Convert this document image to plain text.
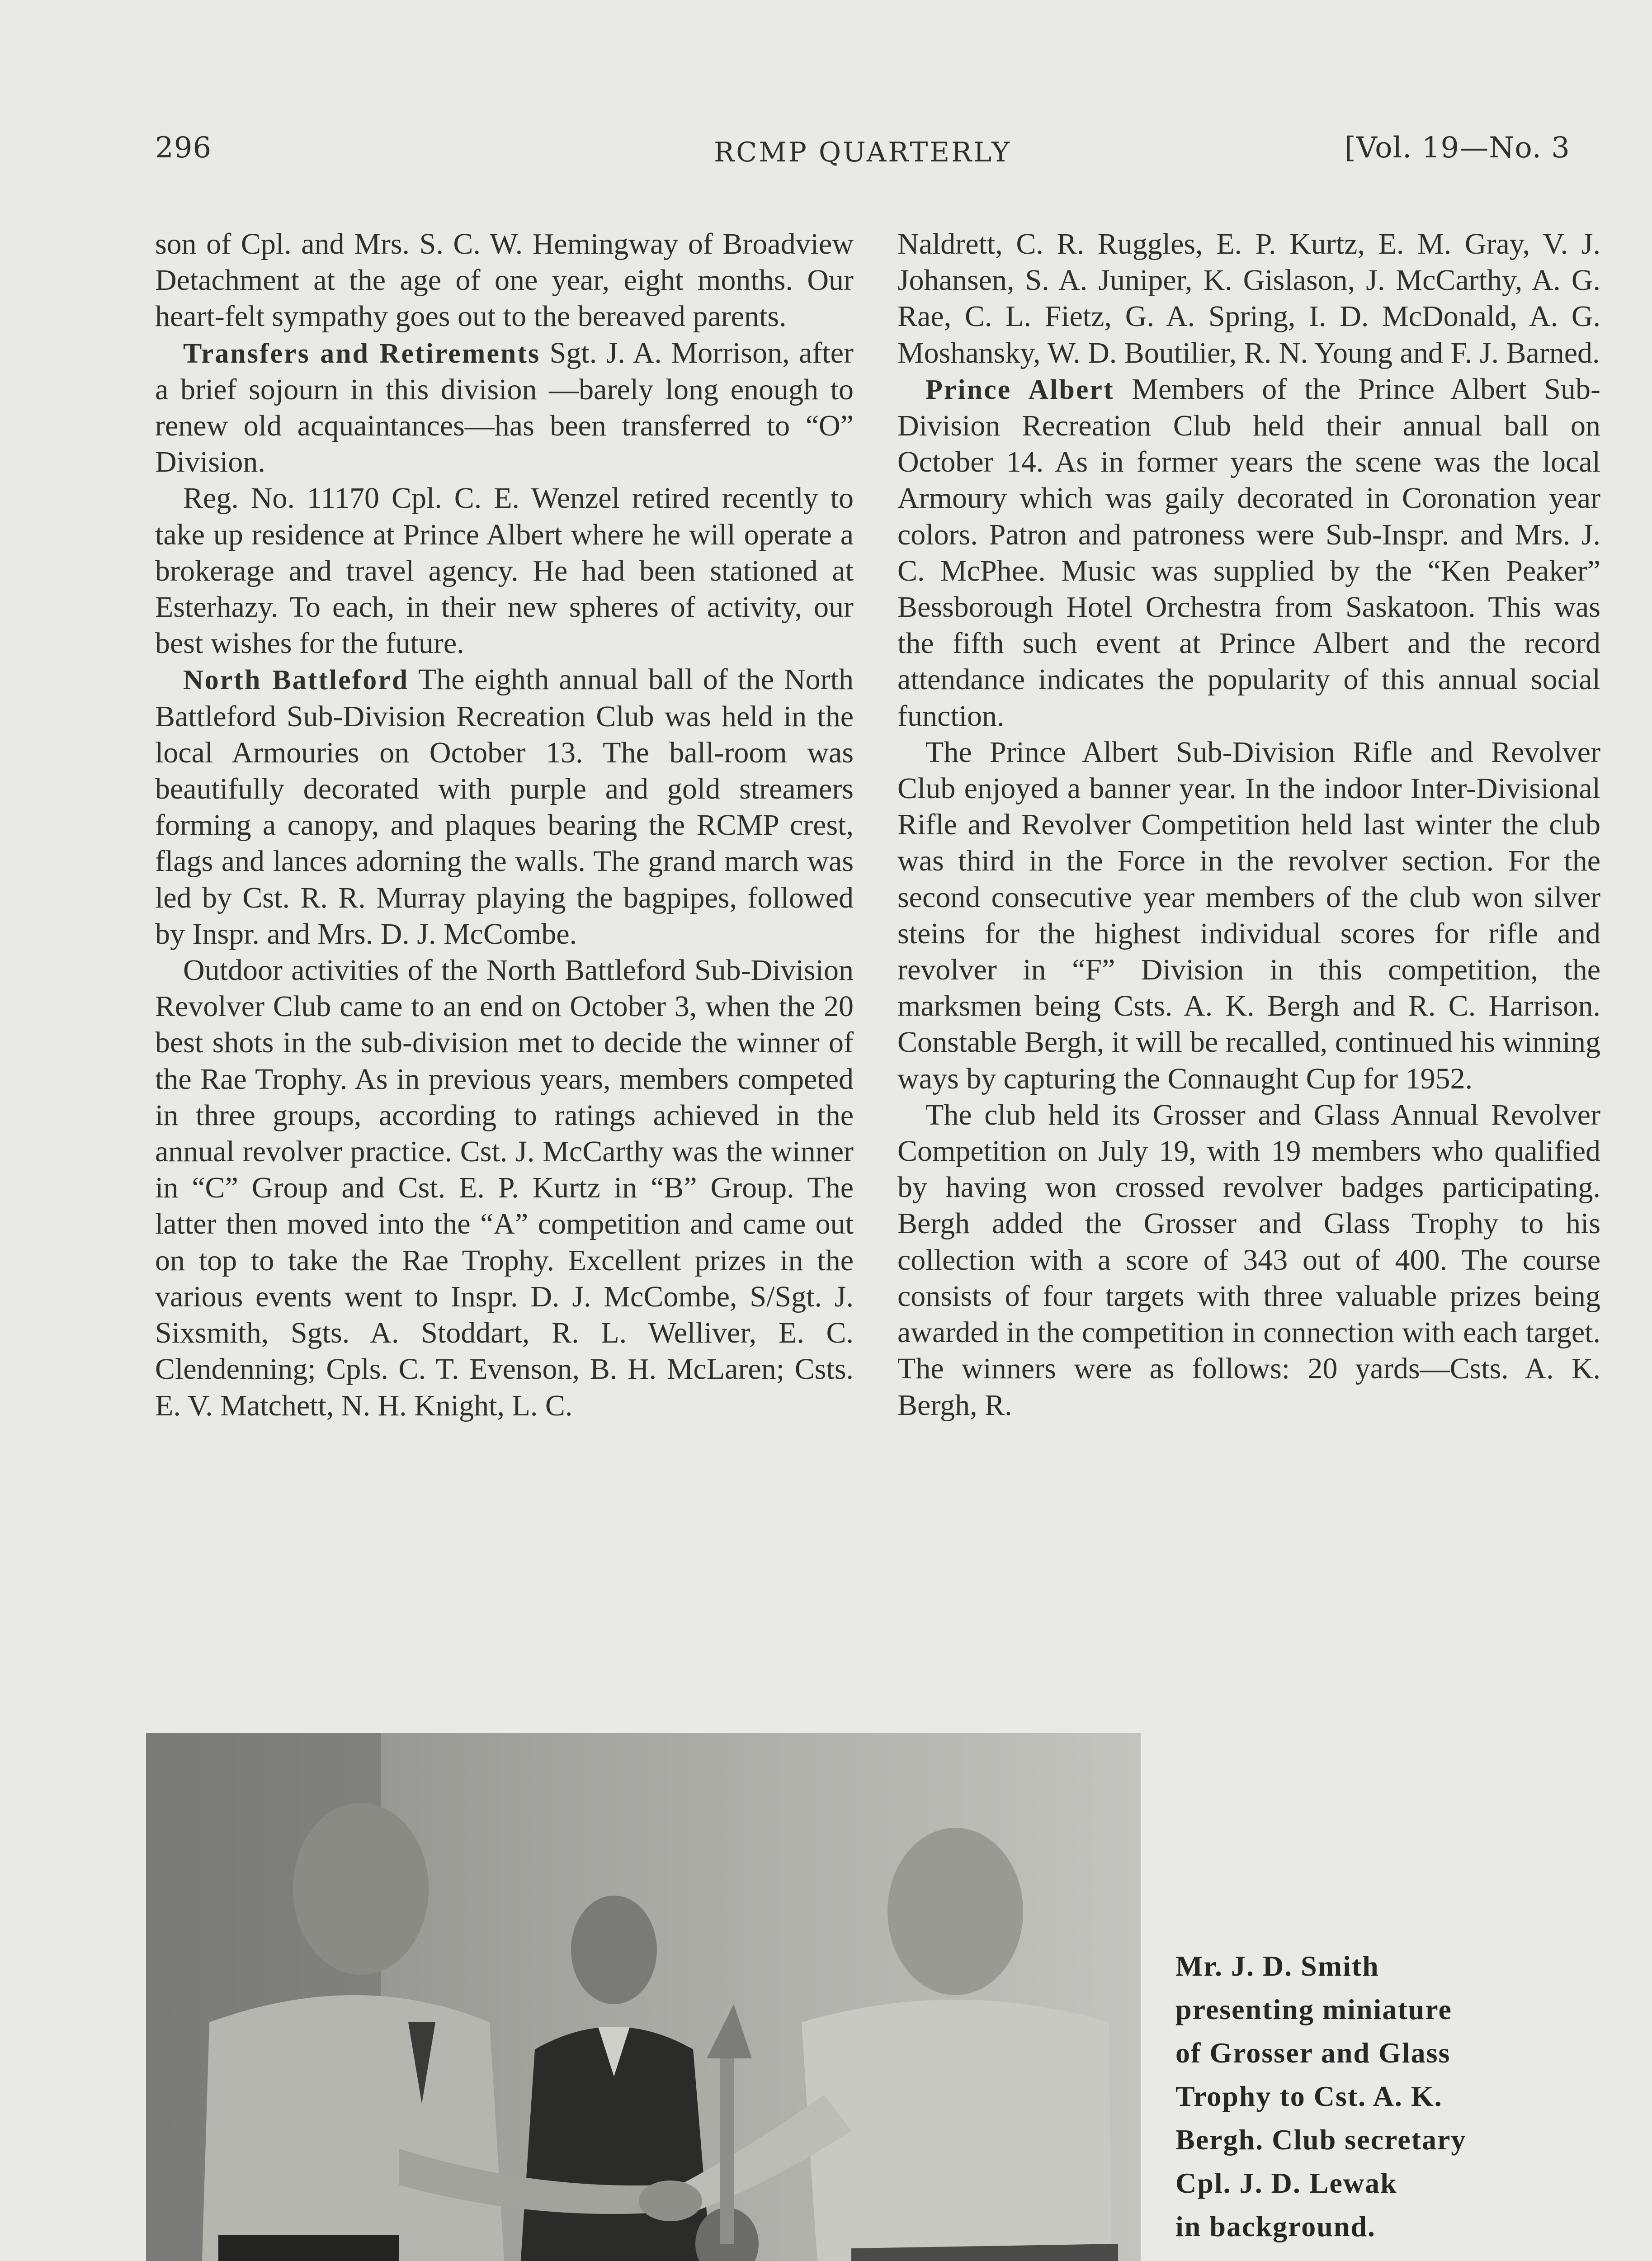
296	RCMP QUARTERLY	[Vol. 19—No. 3

son of Cpl. and Mrs. S. C. W. Hemingway of Broadview Detachment at the age of one year, eight months. Our heart-felt sympathy goes out to the bereaved parents.

Transfers and Retirements Sgt. J. A. Morrison, after a brief sojourn in this division —barely long enough to renew old acquaintances—has been transferred to “O” Division.

Reg. No. 11170 Cpl. C. E. Wenzel retired recently to take up residence at Prince Albert where he will operate a brokerage and travel agency. He had been stationed at Esterhazy. To each, in their new spheres of activity, our best wishes for the future.

North Battleford The eighth annual ball of the North Battleford Sub-Division Recreation Club was held in the local Armouries on October 13. The ball-room was beautifully decorated with purple and gold streamers forming a canopy, and plaques bearing the RCMP crest, flags and lances adorning the walls. The grand march was led by Cst. R. R. Murray playing the bagpipes, followed by Inspr. and Mrs. D. J. McCombe.

Outdoor activities of the North Battleford Sub-Division Revolver Club came to an end on October 3, when the 20 best shots in the sub-division met to decide the winner of the Rae Trophy. As in previous years, members competed in three groups, according to ratings achieved in the annual revolver practice. Cst. J. McCarthy was the winner in “C” Group and Cst. E. P. Kurtz in “B” Group. The latter then moved into the “A” competition and came out on top to take the Rae Trophy. Excellent prizes in the various events went to Inspr. D. J. McCombe, S/Sgt. J. Sixsmith, Sgts. A. Stoddart, R. L. Welliver, E. C. Clendenning; Cpls. C. T. Evenson, B. H. McLaren; Csts. E. V. Matchett, N. H. Knight, L. C.

Naldrett, C. R. Ruggles, E. P. Kurtz, E. M. Gray, V. J. Johansen, S. A. Juniper, K. Gislason, J. McCarthy, A. G. Rae, C. L. Fietz, G. A. Spring, I. D. McDonald, A. G. Moshansky, W. D. Boutilier, R. N. Young and F. J. Barned.

Prince Albert Members of the Prince Albert Sub-Division Recreation Club held their annual ball on October 14. As in former years the scene was the local Armoury which was gaily decorated in Coronation year colors. Patron and patroness were Sub-Inspr. and Mrs. J. C. McPhee. Music was supplied by the “Ken Peaker” Bessborough Hotel Orchestra from Saskatoon. This was the fifth such event at Prince Albert and the record attendance indicates the popularity of this annual social function.

The Prince Albert Sub-Division Rifle and Revolver Club enjoyed a banner year. In the indoor Inter-Divisional Rifle and Revolver Competition held last winter the club was third in the Force in the revolver section. For the second consecutive year members of the club won silver steins for the highest individual scores for rifle and revolver in “F” Division in this competition, the marksmen being Csts. A. K. Bergh and R. C. Harrison. Constable Bergh, it will be recalled, continued his winning ways by capturing the Connaught Cup for 1952.

The club held its Grosser and Glass Annual Revolver Competition on July 19, with 19 members who qualified by having won crossed revolver badges participating. Bergh added the Grosser and Glass Trophy to his collection with a score of 343 out of 400. The course consists of four targets with three valuable prizes being awarded in the competition in connection with each target. The winners were as follows: 20 yards—Csts. A. K. Bergh, R.

Mr. J. D. Smith
presenting miniature
of Grosser and Glass
Trophy to Cst. A. K.
Bergh. Club secretary
Cpl. J. D. Lewak
in background.
